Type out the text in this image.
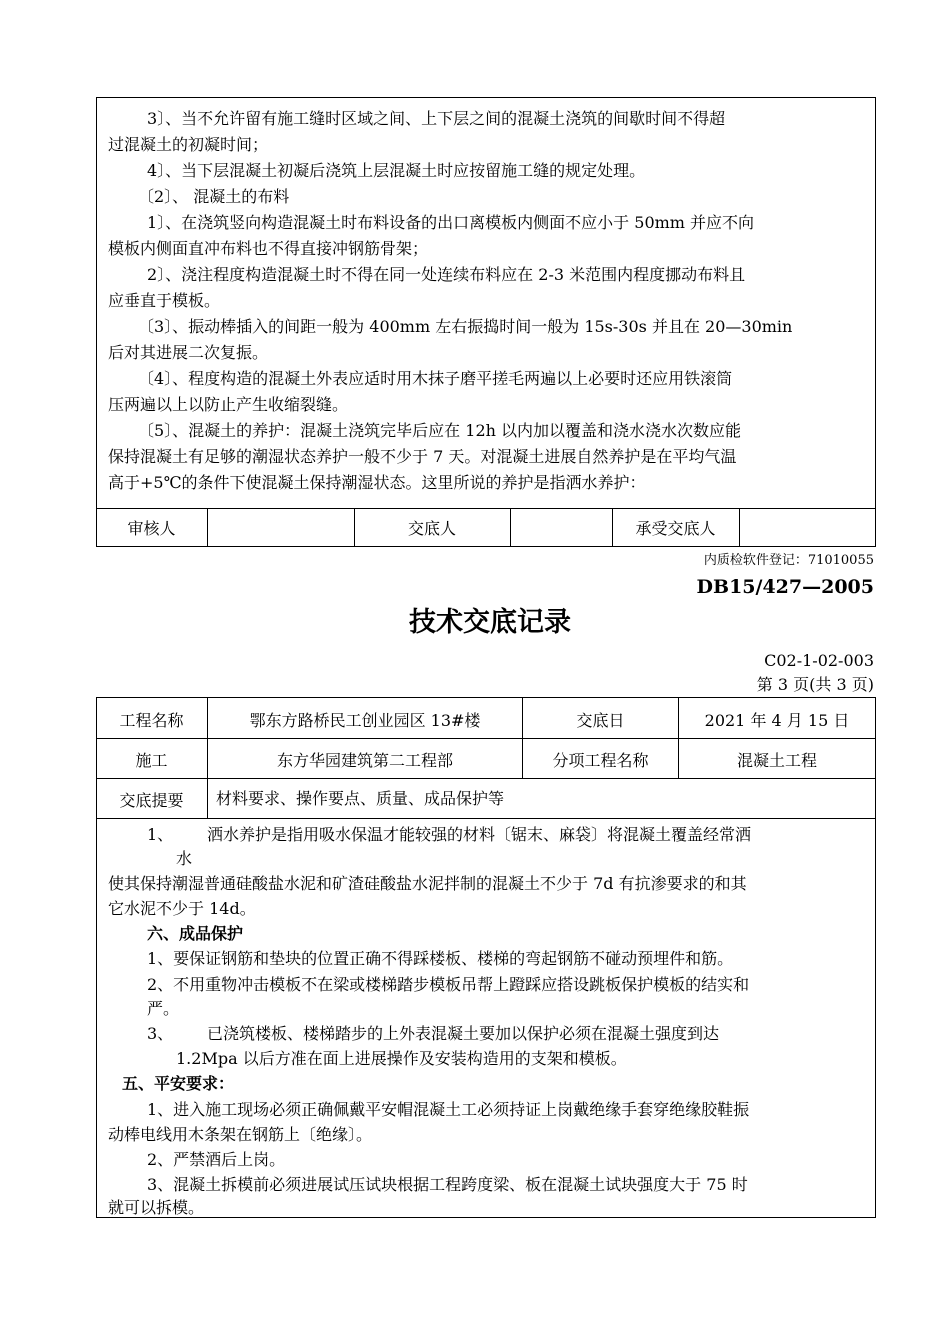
3〕、当不允许留有施工缝时区域之间、上下层之间的混凝土浇筑的间歇时间不得超
过混凝土的初凝时间；
4〕、当下层混凝土初凝后浇筑上层混凝土时应按留施工缝的规定处理。
〔2〕、 混凝土的布料
1〕、在浇筑竖向构造混凝土时布料设备的出口离模板内侧面不应小于 50mm 并应不向
模板内侧面直冲布料也不得直接冲钢筋骨架；
2〕、浇注程度构造混凝土时不得在同一处连续布料应在 2-3 米范围内程度挪动布料且
应垂直于模板。
〔3〕、振动棒插入的间距一般为 400mm 左右振捣时间一般为 15s-30s 并且在 20—30min
后对其进展二次复振。
〔4〕、程度构造的混凝土外表应适时用木抹子磨平搓毛两遍以上必要时还应用铁滚筒
压两遍以上以防止产生收缩裂缝。
〔5〕、混凝土的养护：混凝土浇筑完毕后应在 12h 以内加以覆盖和浇水浇水次数应能
保持混凝土有足够的潮湿状态养护一般不少于 7 天。对混凝土进展自然养护是在平均气温
高于+5℃的条件下使混凝土保持潮湿状态。这里所说的养护是指洒水养护：
审核人	交底人	承受交底人
内质检软件登记：71010055
DB15/427—2005
技术交底记录
C02-1-02-003
第 3 页(共 3 页)
工程名称	鄂东方路桥民工创业园区 13#楼	交底日	2021 年 4 月 15 日
施工	东方华园建筑第二工程部	分项工程名称	混凝土工程
交底提要	材料要求、操作要点、质量、成品保护等
1、 洒水养护是指用吸水保温才能较强的材料〔锯末、麻袋〕将混凝土覆盖经常洒
水
使其保持潮湿普通硅酸盐水泥和矿渣硅酸盐水泥拌制的混凝土不少于 7d 有抗渗要求的和其
它水泥不少于 14d。
六、成品保护
1、要保证钢筋和垫块的位置正确不得踩楼板、楼梯的弯起钢筋不碰动预埋件和筋。
2、不用重物冲击模板不在梁或楼梯踏步模板吊帮上蹬踩应搭设跳板保护模板的结实和
严。
3、 已浇筑楼板、楼梯踏步的上外表混凝土要加以保护必须在混凝土强度到达
1.2Mpa 以后方准在面上进展操作及安装构造用的支架和模板。
五、平安要求：
1、进入施工现场必须正确佩戴平安帽混凝土工必须持证上岗戴绝缘手套穿绝缘胶鞋振
动棒电线用木条架在钢筋上〔绝缘〕。
2、严禁酒后上岗。
3、混凝土拆模前必须进展试压试块根据工程跨度梁、板在混凝土试块强度大于 75 时
就可以拆模。
